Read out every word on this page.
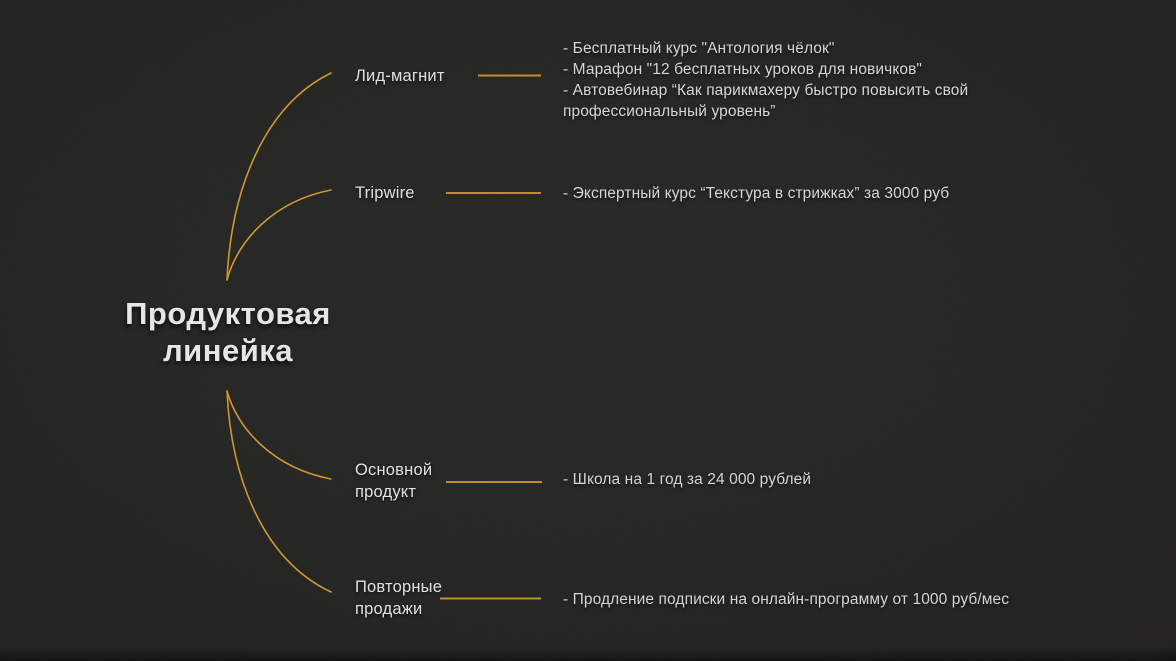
Продуктовая линейка
Лид-магнит
- Бесплатный курс "Антология чёлок"
- Марафон "12 бесплатных уроков для новичков"
- Автовебинар “Как парикмахеру быстро повысить свой профессиональный уровень”
Tripwire	- Экспертный курс “Текстура в стрижках” за 3000 руб
Основной продукт
- Школа на 1 год за 24 000 рублей
Повторные продажи	- Продление подписки на онлайн-программу от 1000 руб/мес
